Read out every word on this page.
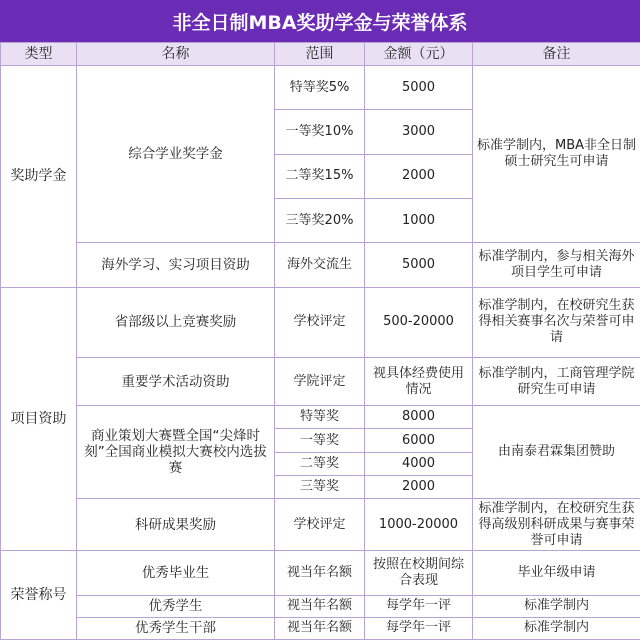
非全日制MBA奖助学金与荣誉体系
类型	名称	范围	金额（元）	备注
奖助学金	综合学业奖学金	特等奖5%	5000	标准学制内，MBA非全日制硕士研究生可申请
		一等奖10%	3000	
		二等奖15%	2000	
		三等奖20%	1000	
	海外学习、实习项目资助	海外交流生	5000	标准学制内，参与相关海外项目学生可申请
项目资助	省部级以上竞赛奖励	学校评定	500-20000	标准学制内，在校研究生获得相关赛事名次与荣誉可申请
	重要学术活动资助	学院评定	视具体经费使用情况	标准学制内，工商管理学院研究生可申请
	商业策划大赛暨全国“尖烽时刻”全国商业模拟大赛校内选拔赛	特等奖	8000	由南泰君霖集团赞助
		一等奖	6000	
		二等奖	4000	
		三等奖	2000	
	科研成果奖励	学校评定	1000-20000	标准学制内，在校研究生获得高级别科研成果与赛事荣誉可申请
荣誉称号	优秀毕业生	视当年名额	按照在校期间综合表现	毕业年级申请
	优秀学生	视当年名额	每学年一评	标准学制内
	优秀学生干部	视当年名额	每学年一评	标准学制内
